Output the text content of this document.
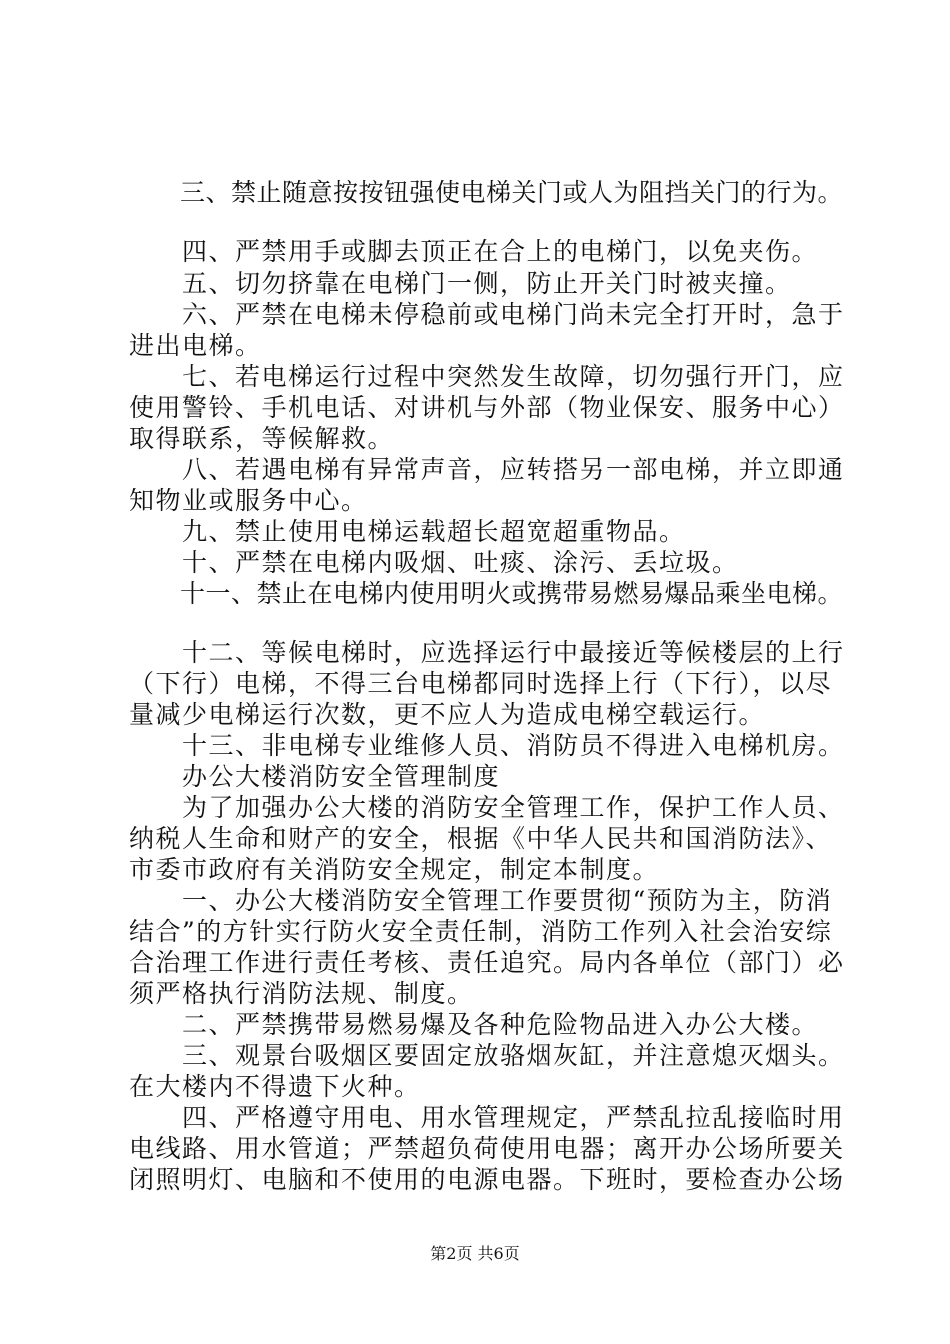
　　三、禁止随意按按钮强使电梯关门或人为阻挡关门的行为。
　　四、严禁用手或脚去顶正在合上的电梯门，以免夹伤。
　　五、切勿挤靠在电梯门一侧，防止开关门时被夹撞。
　　六、严禁在电梯未停稳前或电梯门尚未完全打开时，急于
进出电梯。
　　七、若电梯运行过程中突然发生故障，切勿强行开门，应
使用警铃、手机电话、对讲机与外部（物业保安、服务中心）
取得联系，等候解救。
　　八、若遇电梯有异常声音，应转搭另一部电梯，并立即通
知物业或服务中心。
　　九、禁止使用电梯运载超长超宽超重物品。
　　十、严禁在电梯内吸烟、吐痰、涂污、丢垃圾。
　　十一、禁止在电梯内使用明火或携带易燃易爆品乘坐电梯。
　　十二、等候电梯时，应选择运行中最接近等候楼层的上行
（下行）电梯，不得三台电梯都同时选择上行（下行），以尽
量减少电梯运行次数，更不应人为造成电梯空载运行。
　　十三、非电梯专业维修人员、消防员不得进入电梯机房。
　　办公大楼消防安全管理制度
　　为了加强办公大楼的消防安全管理工作，保护工作人员、
纳税人生命和财产的安全，根据《中华人民共和国消防法》、
市委市政府有关消防安全规定，制定本制度。
　　一、办公大楼消防安全管理工作要贯彻“预防为主，防消
结合”的方针实行防火安全责任制，消防工作列入社会治安综
合治理工作进行责任考核、责任追究。局内各单位（部门）必
须严格执行消防法规、制度。
　　二、严禁携带易燃易爆及各种危险物品进入办公大楼。
　　三、观景台吸烟区要固定放骆烟灰缸，并注意熄灭烟头。
在大楼内不得遗下火种。
　　四、严格遵守用电、用水管理规定，严禁乱拉乱接临时用
电线路、用水管道；严禁超负荷使用电器；离开办公场所要关
闭照明灯、电脑和不使用的电源电器。下班时，要检查办公场
第2页 共6页
